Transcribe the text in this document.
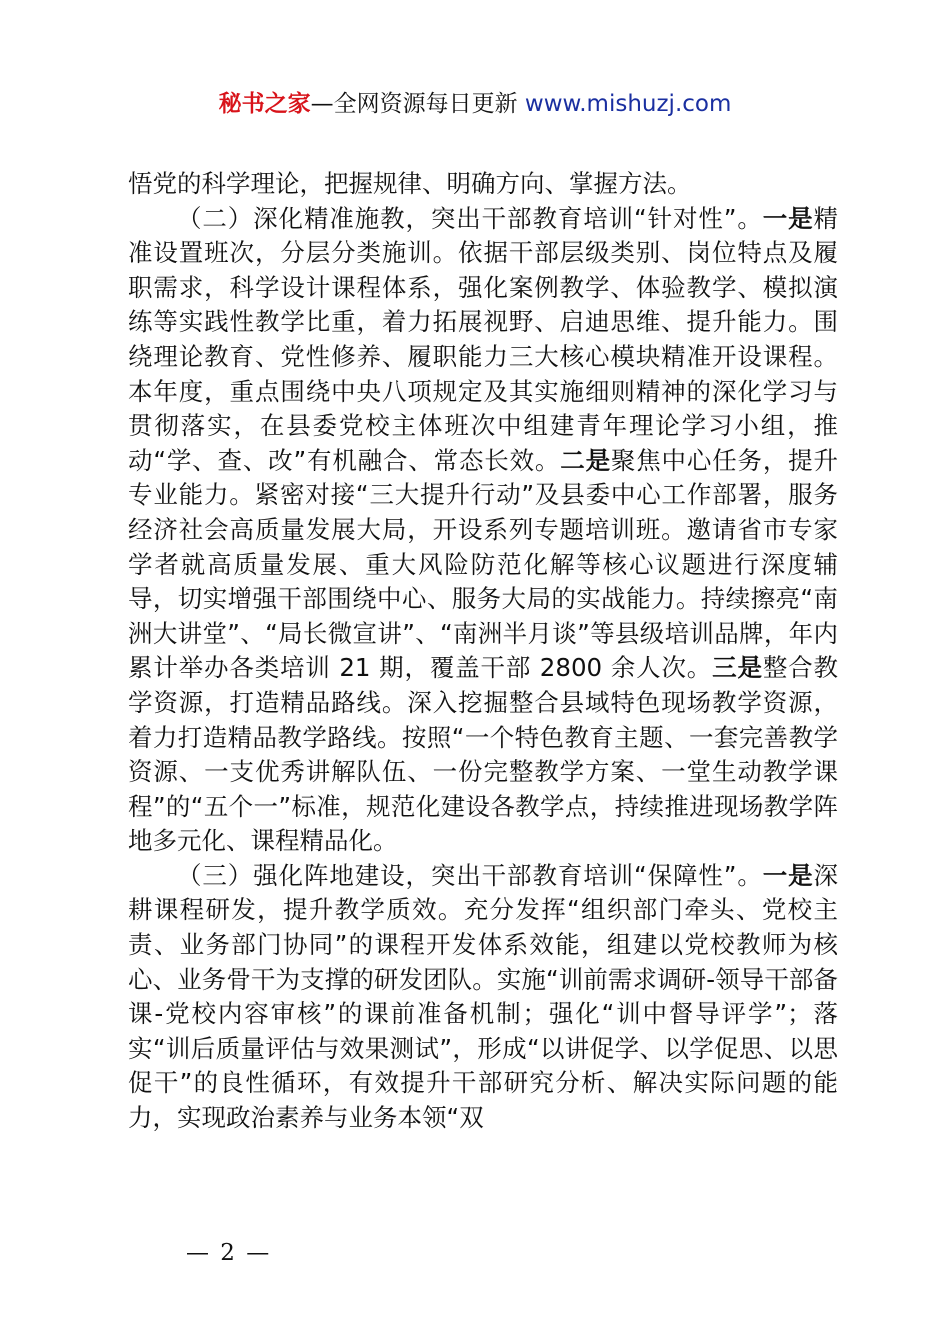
秘书之家—全网资源每日更新 www.mishuzj.com

悟党的科学理论，把握规律、明确方向、掌握方法。

（二）深化精准施教，突出干部教育培训“针对性”。一是精准设置班次，分层分类施训。依据干部层级类别、岗位特点及履职需求，科学设计课程体系，强化案例教学、体验教学、模拟演练等实践性教学比重，着力拓展视野、启迪思维、提升能力。围绕理论教育、党性修养、履职能力三大核心模块精准开设课程。本年度，重点围绕中央八项规定及其实施细则精神的深化学习与贯彻落实，在县委党校主体班次中组建青年理论学习小组，推动“学、查、改”有机融合、常态长效。二是聚焦中心任务，提升专业能力。紧密对接“三大提升行动”及县委中心工作部署，服务经济社会高质量发展大局，开设系列专题培训班。邀请省市专家学者就高质量发展、重大风险防范化解等核心议题进行深度辅导，切实增强干部围绕中心、服务大局的实战能力。持续擦亮“南洲大讲堂”、“局长微宣讲”、“南洲半月谈”等县级培训品牌，年内累计举办各类培训 21 期，覆盖干部 2800 余人次。三是整合教学资源，打造精品路线。深入挖掘整合县域特色现场教学资源，着力打造精品教学路线。按照“一个特色教育主题、一套完善教学资源、一支优秀讲解队伍、一份完整教学方案、一堂生动教学课程”的“五个一”标准，规范化建设各教学点，持续推进现场教学阵地多元化、课程精品化。

（三）强化阵地建设，突出干部教育培训“保障性”。一是深耕课程研发，提升教学质效。充分发挥“组织部门牵头、党校主责、业务部门协同”的课程开发体系效能，组建以党校教师为核心、业务骨干为支撑的研发团队。实施“训前需求调研-领导干部备课-党校内容审核”的课前准备机制；强化“训中督导评学”；落实“训后质量评估与效果测试”，形成“以讲促学、以学促思、以思促干”的良性循环，有效提升干部研究分析、解决实际问题的能力，实现政治素养与业务本领“双

— 2 —
